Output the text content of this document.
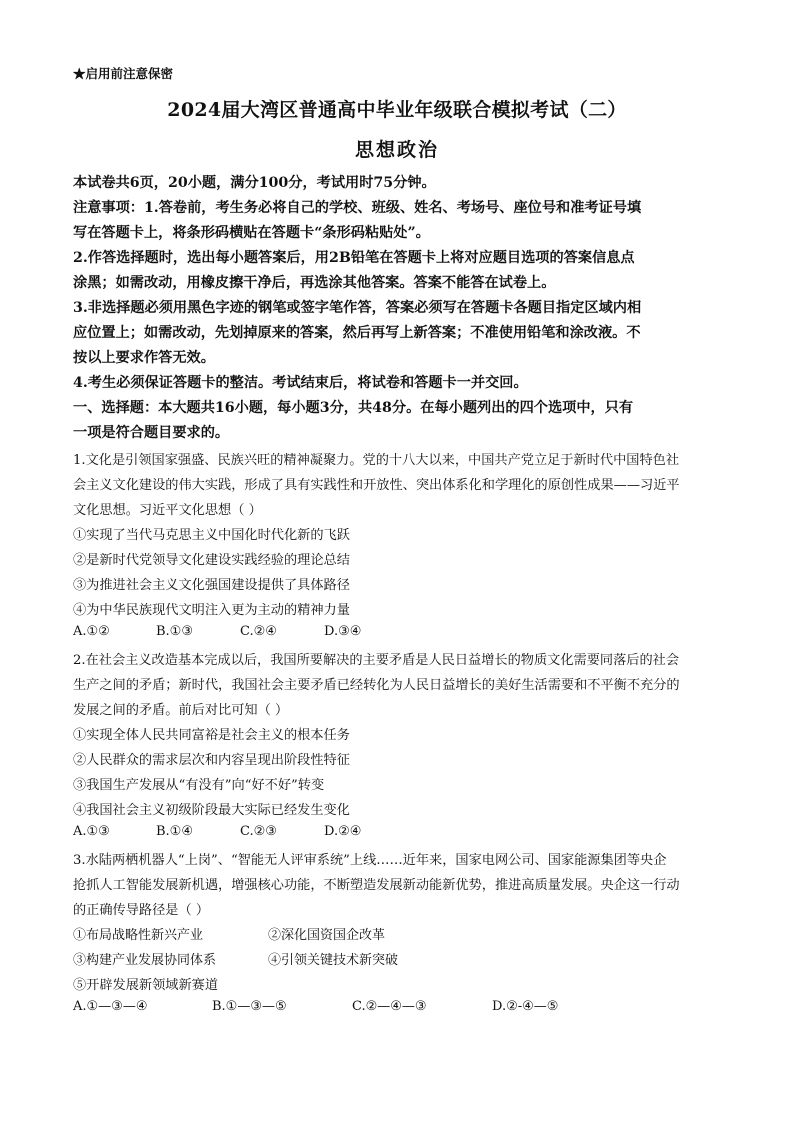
★启用前注意保密
2024届大湾区普通高中毕业年级联合模拟考试（二）
思想政治
本试卷共6页，20小题，满分100分，考试用时75分钟。
注意事项：1.答卷前，考生务必将自己的学校、班级、姓名、考场号、座位号和准考证号填
写在答题卡上，将条形码横贴在答题卡“条形码粘贴处”。
2.作答选择题时，选出每小题答案后，用2B铅笔在答题卡上将对应题目选项的答案信息点
涂黑；如需改动，用橡皮擦干净后，再选涂其他答案。答案不能答在试卷上。
3.非选择题必须用黑色字迹的钢笔或签字笔作答，答案必须写在答题卡各题目指定区域内相
应位置上；如需改动，先划掉原来的答案，然后再写上新答案；不准使用铅笔和涂改液。不
按以上要求作答无效。
4.考生必须保证答题卡的整洁。考试结束后，将试卷和答题卡一并交回。
一、选择题：本大题共16小题，每小题3分，共48分。在每小题列出的四个选项中，只有
一项是符合题目要求的。
1.文化是引领国家强盛、民族兴旺的精神凝聚力。党的十八大以来，中国共产党立足于新时代中国特色社
会主义文化建设的伟大实践，形成了具有实践性和开放性、突出体系化和学理化的原创性成果——习近平
文化思想。习近平文化思想（ ）
①实现了当代马克思主义中国化时代化新的飞跃
②是新时代党领导文化建设实践经验的理论总结
③为推进社会主义文化强国建设提供了具体路径
④为中华民族现代文明注入更为主动的精神力量
A.①②	B.①③	C.②④	D.③④
2.在社会主义改造基本完成以后，我国所要解决的主要矛盾是人民日益增长的物质文化需要同落后的社会
生产之间的矛盾；新时代，我国社会主要矛盾已经转化为人民日益增长的美好生活需要和不平衡不充分的
发展之间的矛盾。前后对比可知（ ）
①实现全体人民共同富裕是社会主义的根本任务
②人民群众的需求层次和内容呈现出阶段性特征
③我国生产发展从“有没有”向“好不好”转变
④我国社会主义初级阶段最大实际已经发生变化
A.①③	B.①④	C.②③	D.②④
3.水陆两栖机器人“上岗”、“智能无人评审系统”上线……近年来，国家电网公司、国家能源集团等央企
抢抓人工智能发展新机遇，增强核心功能，不断塑造发展新动能新优势，推进高质量发展。央企这一行动
的正确传导路径是（ ）
①布局战略性新兴产业	②深化国资国企改革
③构建产业发展协同体系	④引领关键技术新突破
⑤开辟发展新领域新赛道
A.①—③—④	B.①—③—⑤	C.②—④—③	D.②-④—⑤
